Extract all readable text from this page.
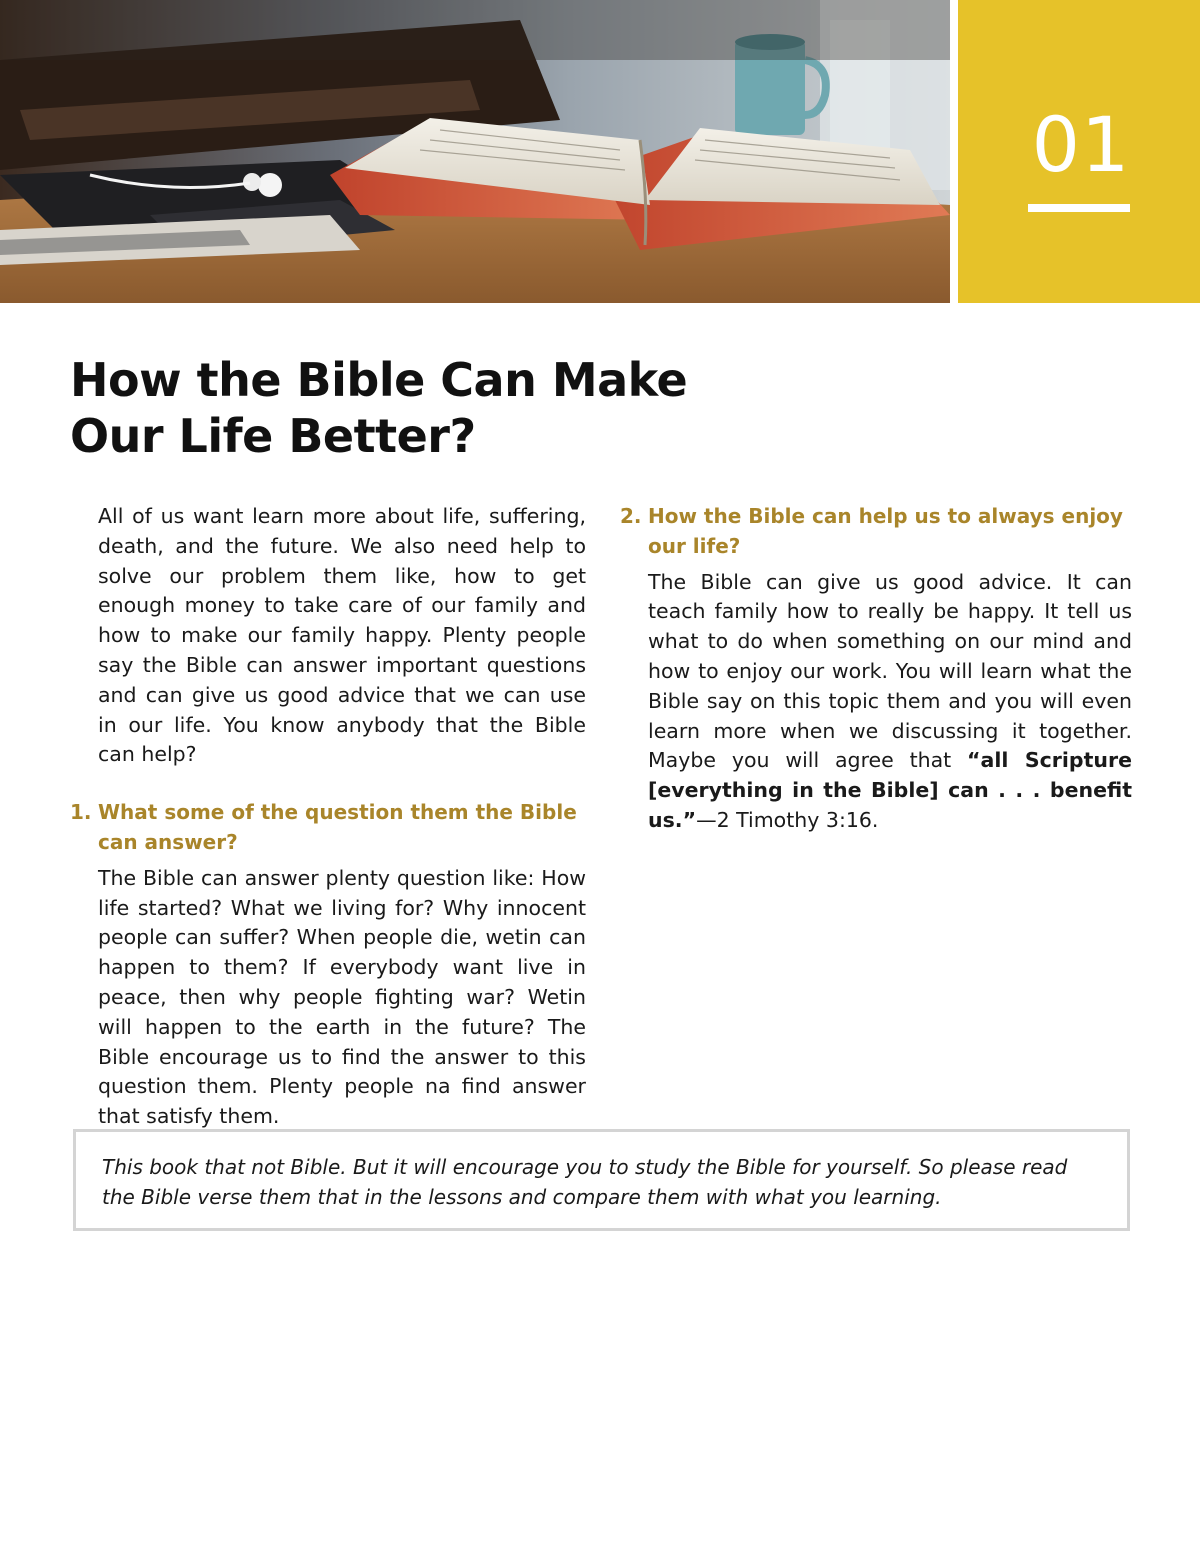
01
How the Bible Can Make
Our Life Better?

All of us want learn more about life, suffering, death, and the future. We also need help to solve our problem them like, how to get enough money to take care of our family and how to make our family happy. Plenty people say the Bible can answer important questions and can give us good advice that we can use in our life. You know anybody that the Bible can help?

1. What some of the question them the Bible can answer?

The Bible can answer plenty question like: How life started? What we living for? Why innocent people can suffer? When people die, wetin can happen to them? If everybody want live in peace, then why people fighting war? Wetin will happen to the earth in the future? The Bible encourage us to find the answer to this question them. Plenty people na find answer that satisfy them.

2. How the Bible can help us to always enjoy our life?

The Bible can give us good advice. It can teach family how to really be happy. It tell us what to do when something on our mind and how to enjoy our work. You will learn what the Bible say on this topic them and you will even learn more when we discussing it together. Maybe you will agree that “all Scripture [everything in the Bible] can . . . benefit us.”—2 Timothy 3:16.

This book that not Bible. But it will encourage you to study the Bible for yourself. So please read the Bible verse them that in the lessons and compare them with what you learning.
